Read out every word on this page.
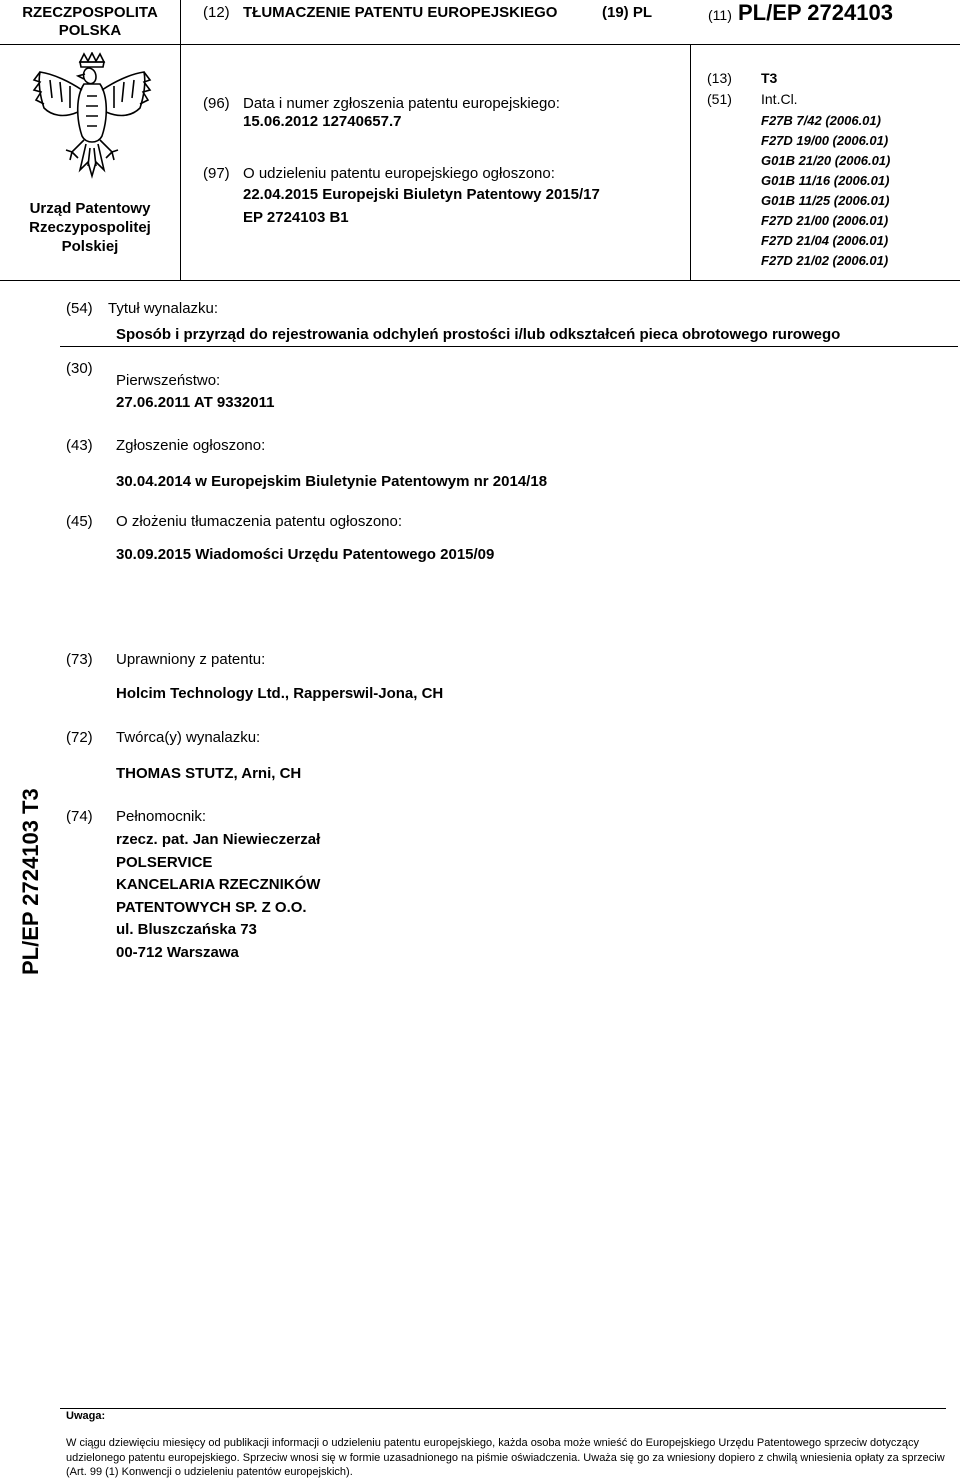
RZECZPOSPOLITA
POLSKA
(12) TŁUMACZENIE PATENTU EUROPEJSKIEGO	(19) PL	(11) PL/EP 2724103
Urząd Patentowy
Rzeczypospolitej
Polskiej
(96) Data i numer zgłoszenia patentu europejskiego:
15.06.2012 12740657.7
(97) O udzieleniu patentu europejskiego ogłoszono:
22.04.2015 Europejski Biuletyn Patentowy 2015/17
EP 2724103 B1
(13) T3
(51) Int.Cl.
F27B 7/42 (2006.01)
F27D 19/00 (2006.01)
G01B 21/20 (2006.01)
G01B 11/16 (2006.01)
G01B 11/25 (2006.01)
F27D 21/00 (2006.01)
F27D 21/04 (2006.01)
F27D 21/02 (2006.01)
(54) Tytuł wynalazku:
Sposób i przyrząd do rejestrowania odchyleń prostości i/lub odkształceń pieca obrotowego rurowego
(30)
Pierwszeństwo:
27.06.2011 AT 9332011
(43) Zgłoszenie ogłoszono:
30.04.2014 w Europejskim Biuletynie Patentowym nr 2014/18
(45) O złożeniu tłumaczenia patentu ogłoszono:
30.09.2015 Wiadomości Urzędu Patentowego 2015/09
(73) Uprawniony z patentu:
Holcim Technology Ltd., Rapperswil-Jona, CH
(72) Twórca(y) wynalazku:
THOMAS STUTZ, Arni, CH
(74) Pełnomocnik:
rzecz. pat. Jan Niewieczerzał
POLSERVICE
KANCELARIA RZECZNIKÓW
PATENTOWYCH SP. Z O.O.
ul. Bluszczańska 73
00-712 Warszawa
PL/EP 2724103 T3
Uwaga:
W ciągu dziewięciu miesięcy od publikacji informacji o udzieleniu patentu europejskiego, każda osoba może wnieść do Europejskiego Urzędu Patentowego sprzeciw dotyczący udzielonego patentu europejskiego. Sprzeciw wnosi się w formie uzasadnionego na piśmie oświadczenia. Uważa się go za wniesiony dopiero z chwilą wniesienia opłaty za sprzeciw (Art. 99 (1) Konwencji o udzieleniu patentów europejskich).
